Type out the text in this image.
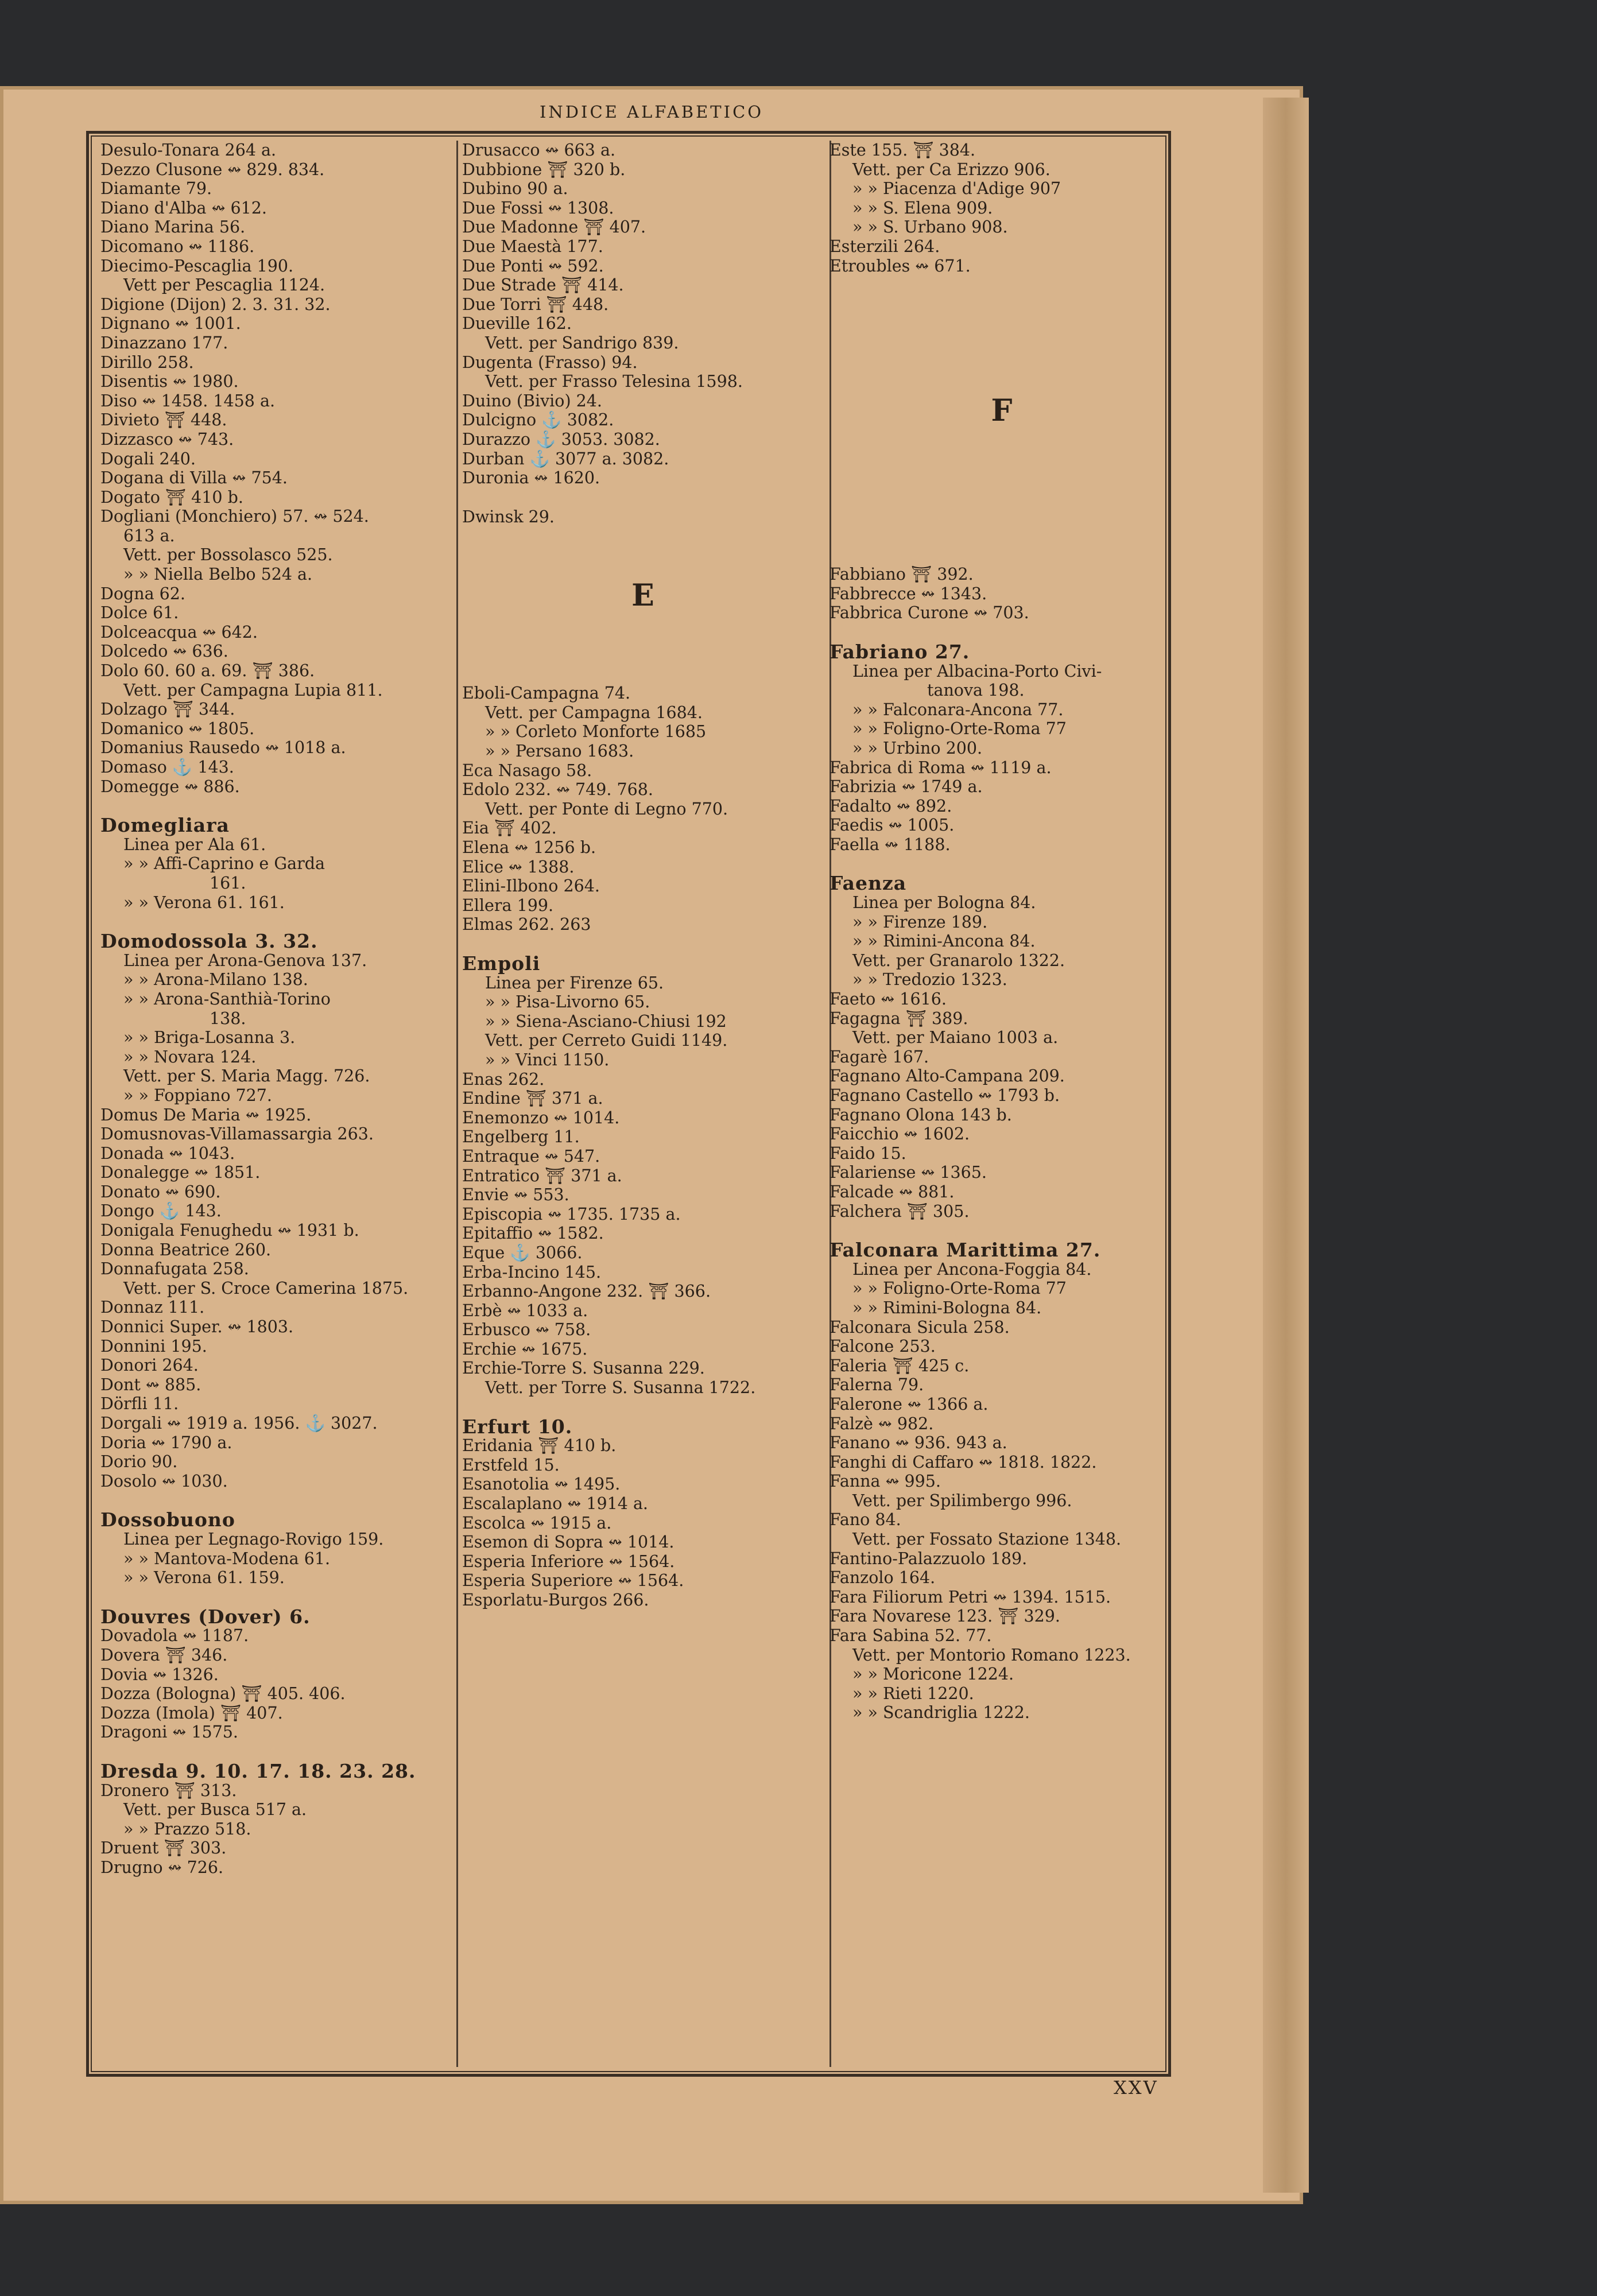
INDICE ALFABETICO
Desulo-Tonara 264 a.
Dezzo Clusone ↭ 829. 834.
Diamante 79.
Diano d'Alba ↭ 612.
Diano Marina 56.
Dicomano ↭ 1186.
Diecimo-Pescaglia 190.
Vett per Pescaglia 1124.
Digione (Dijon) 2. 3. 31. 32.
Dignano ↭ 1001.
Dinazzano 177.
Dirillo 258.
Disentis ↭ 1980.
Diso ↭ 1458. 1458 a.
Divieto ⛩ 448.
Dizzasco ↭ 743.
Dogali 240.
Dogana di Villa ↭ 754.
Dogato ⛩ 410 b.
Dogliani (Monchiero) 57. ↭ 524.
613 a.
Vett. per Bossolasco 525.
» » Niella Belbo 524 a.
Dogna 62.
Dolce 61.
Dolceacqua ↭ 642.
Dolcedo ↭ 636.
Dolo 60. 60 a. 69. ⛩ 386.
Vett. per Campagna Lupia 811.
Dolzago ⛩ 344.
Domanico ↭ 1805.
Domanius Rausedo ↭ 1018 a.
Domaso ⚓ 143.
Domegge ↭ 886.
Domegliara
Linea per Ala 61.
» » Affi-Caprino e Garda
161.
» » Verona 61. 161.
Domodossola 3. 32.
Linea per Arona-Genova 137.
» » Arona-Milano 138.
» » Arona-Santhià-Torino
138.
» » Briga-Losanna 3.
» » Novara 124.
Vett. per S. Maria Magg. 726.
» » Foppiano 727.
Domus De Maria ↭ 1925.
Domusnovas-Villamassargia 263.
Donada ↭ 1043.
Donalegge ↭ 1851.
Donato ↭ 690.
Dongo ⚓ 143.
Donigala Fenughedu ↭ 1931 b.
Donna Beatrice 260.
Donnafugata 258.
Vett. per S. Croce Camerina 1875.
Donnaz 111.
Donnici Super. ↭ 1803.
Donnini 195.
Donori 264.
Dont ↭ 885.
Dörfli 11.
Dorgali ↭ 1919 a. 1956. ⚓ 3027.
Doria ↭ 1790 a.
Dorio 90.
Dosolo ↭ 1030.
Dossobuono
Linea per Legnago-Rovigo 159.
» » Mantova-Modena 61.
» » Verona 61. 159.
Douvres (Dover) 6.
Dovadola ↭ 1187.
Dovera ⛩ 346.
Dovia ↭ 1326.
Dozza (Bologna) ⛩ 405. 406.
Dozza (Imola) ⛩ 407.
Dragoni ↭ 1575.
Dresda 9. 10. 17. 18. 23. 28.
Dronero ⛩ 313.
Vett. per Busca 517 a.
» » Prazzo 518.
Druent ⛩ 303.
Drugno ↭ 726.
Drusacco ↭ 663 a.
Dubbione ⛩ 320 b.
Dubino 90 a.
Due Fossi ↭ 1308.
Due Madonne ⛩ 407.
Due Maestà 177.
Due Ponti ↭ 592.
Due Strade ⛩ 414.
Due Torri ⛩ 448.
Dueville 162.
Vett. per Sandrigo 839.
Dugenta (Frasso) 94.
Vett. per Frasso Telesina 1598.
Duino (Bivio) 24.
Dulcigno ⚓ 3082.
Durazzo ⚓ 3053. 3082.
Durban ⚓ 3077 a. 3082.
Duronia ↭ 1620.
Dwinsk 29.
E
Eboli-Campagna 74.
Vett. per Campagna 1684.
» » Corleto Monforte 1685
» » Persano 1683.
Eca Nasago 58.
Edolo 232. ↭ 749. 768.
Vett. per Ponte di Legno 770.
Eia ⛩ 402.
Elena ↭ 1256 b.
Elice ↭ 1388.
Elini-Ilbono 264.
Ellera 199.
Elmas 262. 263
Empoli
Linea per Firenze 65.
» » Pisa-Livorno 65.
» » Siena-Asciano-Chiusi 192
Vett. per Cerreto Guidi 1149.
» » Vinci 1150.
Enas 262.
Endine ⛩ 371 a.
Enemonzo ↭ 1014.
Engelberg 11.
Entraque ↭ 547.
Entratico ⛩ 371 a.
Envie ↭ 553.
Episcopia ↭ 1735. 1735 a.
Epitaffio ↭ 1582.
Eque ⚓ 3066.
Erba-Incino 145.
Erbanno-Angone 232. ⛩ 366.
Erbè ↭ 1033 a.
Erbusco ↭ 758.
Erchie ↭ 1675.
Erchie-Torre S. Susanna 229.
Vett. per Torre S. Susanna 1722.
Erfurt 10.
Eridania ⛩ 410 b.
Erstfeld 15.
Esanotolia ↭ 1495.
Escalaplano ↭ 1914 a.
Escolca ↭ 1915 a.
Esemon di Sopra ↭ 1014.
Esperia Inferiore ↭ 1564.
Esperia Superiore ↭ 1564.
Esporlatu-Burgos 266.
Este 155. ⛩ 384.
Vett. per Ca Erizzo 906.
» » Piacenza d'Adige 907
» » S. Elena 909.
» » S. Urbano 908.
Esterzili 264.
Etroubles ↭ 671.
F
Fabbiano ⛩ 392.
Fabbrecce ↭ 1343.
Fabbrica Curone ↭ 703.
Fabriano 27.
Linea per Albacina-Porto Civi-
tanova 198.
» » Falconara-Ancona 77.
» » Foligno-Orte-Roma 77
» » Urbino 200.
Fabrica di Roma ↭ 1119 a.
Fabrizia ↭ 1749 a.
Fadalto ↭ 892.
Faedis ↭ 1005.
Faella ↭ 1188.
Faenza
Linea per Bologna 84.
» » Firenze 189.
» » Rimini-Ancona 84.
Vett. per Granarolo 1322.
» » Tredozio 1323.
Faeto ↭ 1616.
Fagagna ⛩ 389.
Vett. per Maiano 1003 a.
Fagarè 167.
Fagnano Alto-Campana 209.
Fagnano Castello ↭ 1793 b.
Fagnano Olona 143 b.
Faicchio ↭ 1602.
Faido 15.
Falariense ↭ 1365.
Falcade ↭ 881.
Falchera ⛩ 305.
Falconara Marittima 27.
Linea per Ancona-Foggia 84.
» » Foligno-Orte-Roma 77
» » Rimini-Bologna 84.
Falconara Sicula 258.
Falcone 253.
Faleria ⛩ 425 c.
Falerna 79.
Falerone ↭ 1366 a.
Falzè ↭ 982.
Fanano ↭ 936. 943 a.
Fanghi di Caffaro ↭ 1818. 1822.
Fanna ↭ 995.
Vett. per Spilimbergo 996.
Fano 84.
Vett. per Fossato Stazione 1348.
Fantino-Palazzuolo 189.
Fanzolo 164.
Fara Filiorum Petri ↭ 1394. 1515.
Fara Novarese 123. ⛩ 329.
Fara Sabina 52. 77.
Vett. per Montorio Romano 1223.
» » Moricone 1224.
» » Rieti 1220.
» » Scandriglia 1222.
XXV
